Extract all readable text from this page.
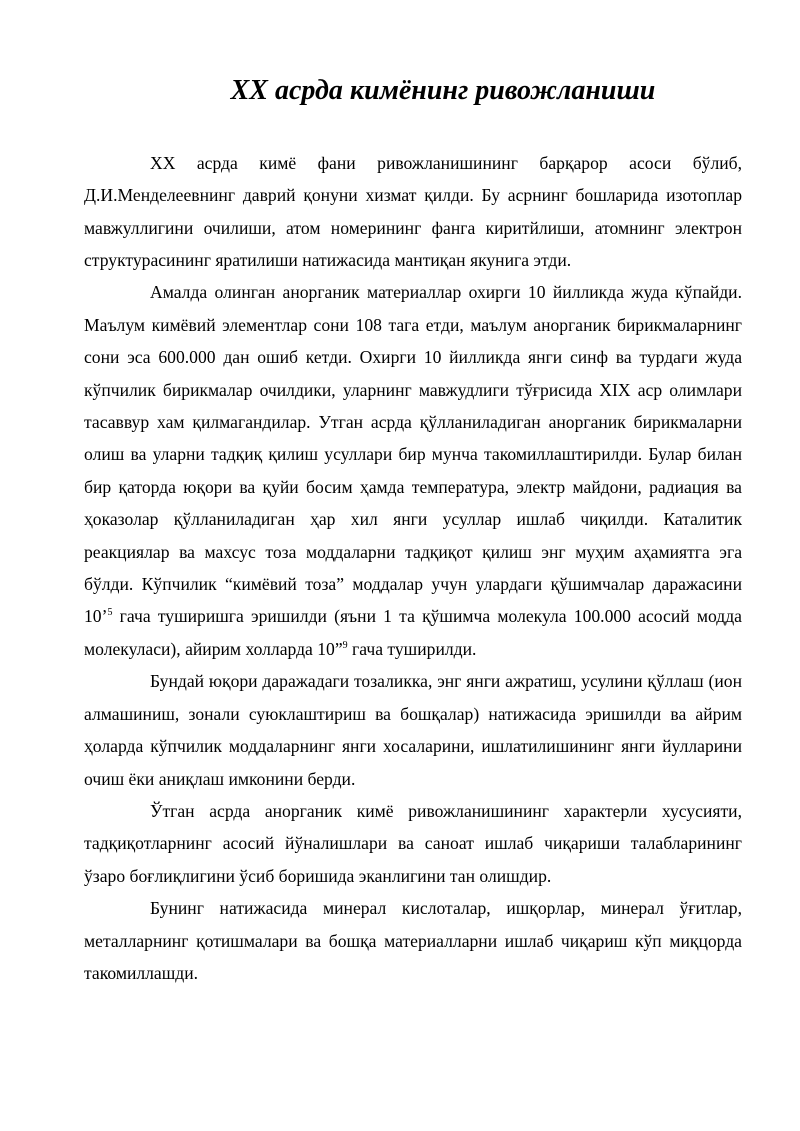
XX асрда кимёнинг ривожланиши

XX асрда кимё фани ривожланишининг барқарор асоси бўлиб, Д.И.Менделеевнинг даврий қонуни хизмат қилди. Бу асрнинг бошларида изотоплар мавжуллигини очилиши, атом номерининг фанга киритйлиши, атомнинг электрон структурасининг яратилиши натижасида мантиқан якунига этди.

Амалда олинган анорганик материаллар охирги 10 йилликда жуда кўпайди. Маълум кимёвий элементлар сони 108 тага етди, маълум анорганик бирикмаларнинг сони эса 600.000 дан ошиб кетди. Охирги 10 йилликда янги синф ва турдаги жуда кўпчилик бирикмалар очилдики, уларнинг мавжудлиги тўғрисида XIX аср олимлари тасаввур хам қилмагандилар. Утган асрда қўлланиладиган анорганик бирикмаларни олиш ва уларни тадқиқ қилиш усуллари бир мунча такомиллаштирилди. Булар билан бир қаторда юқори ва қуйи босим ҳамда температура, электр майдони, радиация ва ҳоказолар қўлланиладиган ҳар хил янги усуллар ишлаб чиқилди. Каталитик реакциялар ва махсус тоза моддаларни тадқиқот қилиш энг муҳим аҳамиятга эга бўлди. Кўпчилик “кимёвий тоза” моддалар учун улардаги қўшимчалар даражасини 10’$^5$ гача туширишга эришилди (яъни 1 та қўшимча молекула 100.000 асосий модда молекуласи), айирим холларда 10”$^9$ гача туширилди.

Бундай юқори даражадаги тозаликка, энг янги ажратиш, усулини қўллаш (ион алмашиниш, зонали суюклаштириш ва бошқалар) натижасида эришилди ва айрим ҳоларда кўпчилик моддаларнинг янги хосаларини, ишлатилишининг янги йулларини очиш ёки аниқлаш имконини берди.

Ўтган асрда анорганик кимё ривожланишининг характерли хусусияти, тадқиқотларнинг асосий йўналишлари ва саноат ишлаб чиқариши талабларининг ўзаро боғлиқлигини ўсиб боришида эканлигини тан олишдир.

Бунинг натижасида минерал кислоталар, ишқорлар, минерал ўғитлар, металларнинг қотишмалари ва бошқа материалларни ишлаб чиқариш кўп миқцорда такомиллашди.
